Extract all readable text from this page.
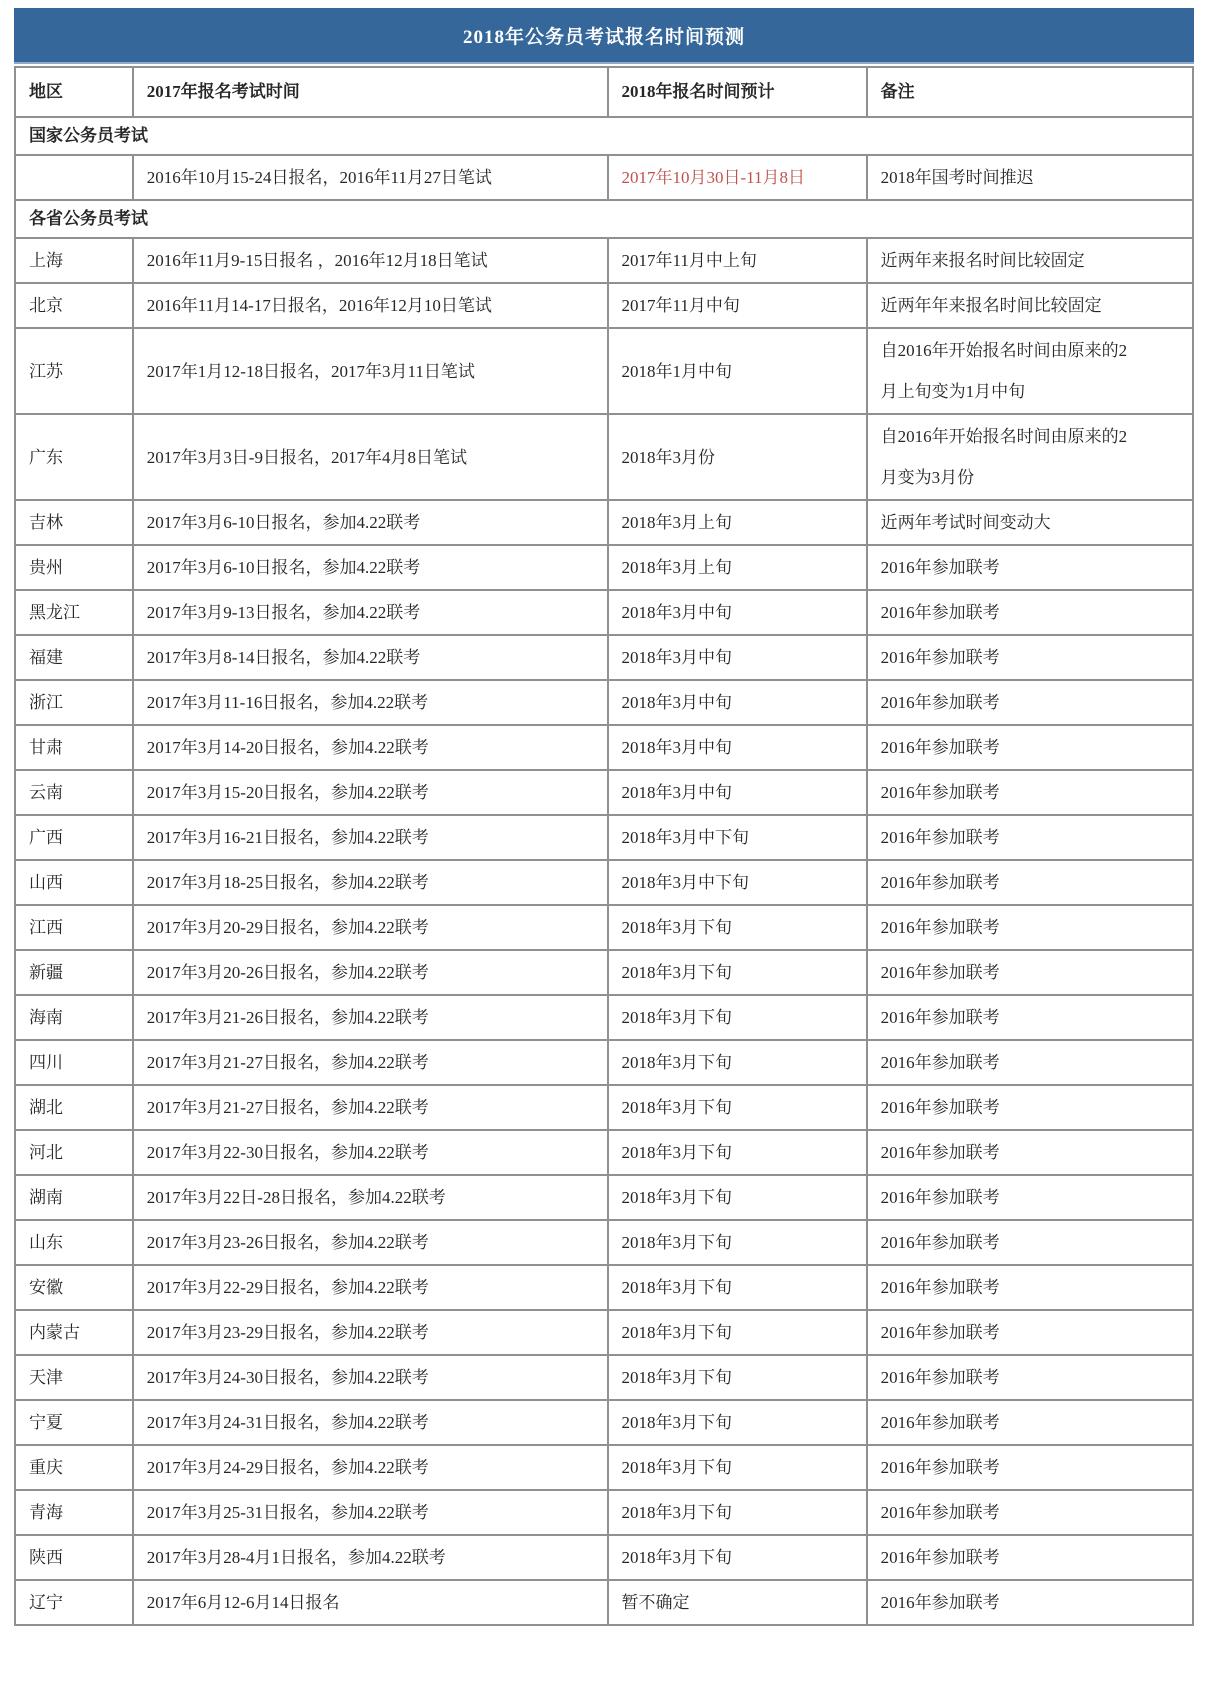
2018年公务员考试报名时间预测
地区	2017年报名考试时间	2018年报名时间预计	备注
国家公务员考试			
	2016年10月15-24日报名，2016年11月27日笔试	2017年10月30日-11月8日	2018年国考时间推迟
各省公务员考试			
上海	2016年11月9-15日报名 ，2016年12月18日笔试	2017年11月中上旬	近两年来报名时间比较固定
北京	2016年11月14-17日报名，2016年12月10日笔试	2017年11月中旬	近两年年来报名时间比较固定
江苏	2017年1月12-18日报名，2017年3月11日笔试	2018年1月中旬	自2016年开始报名时间由原来的2月上旬变为1月中旬
广东	2017年3月3日-9日报名，2017年4月8日笔试	2018年3月份	自2016年开始报名时间由原来的2月变为3月份
吉林	2017年3月6-10日报名，参加4.22联考	2018年3月上旬	近两年考试时间变动大
贵州	2017年3月6-10日报名，参加4.22联考	2018年3月上旬	2016年参加联考
黑龙江	2017年3月9-13日报名，参加4.22联考	2018年3月中旬	2016年参加联考
福建	2017年3月8-14日报名，参加4.22联考	2018年3月中旬	2016年参加联考
浙江	2017年3月11-16日报名，参加4.22联考	2018年3月中旬	2016年参加联考
甘肃	2017年3月14-20日报名，参加4.22联考	2018年3月中旬	2016年参加联考
云南	2017年3月15-20日报名，参加4.22联考	2018年3月中旬	2016年参加联考
广西	2017年3月16-21日报名，参加4.22联考	2018年3月中下旬	2016年参加联考
山西	2017年3月18-25日报名，参加4.22联考	2018年3月中下旬	2016年参加联考
江西	2017年3月20-29日报名，参加4.22联考	2018年3月下旬	2016年参加联考
新疆	2017年3月20-26日报名，参加4.22联考	2018年3月下旬	2016年参加联考
海南	2017年3月21-26日报名，参加4.22联考	2018年3月下旬	2016年参加联考
四川	2017年3月21-27日报名，参加4.22联考	2018年3月下旬	2016年参加联考
湖北	2017年3月21-27日报名，参加4.22联考	2018年3月下旬	2016年参加联考
河北	2017年3月22-30日报名，参加4.22联考	2018年3月下旬	2016年参加联考
湖南	2017年3月22日-28日报名，参加4.22联考	2018年3月下旬	2016年参加联考
山东	2017年3月23-26日报名，参加4.22联考	2018年3月下旬	2016年参加联考
安徽	2017年3月22-29日报名，参加4.22联考	2018年3月下旬	2016年参加联考
内蒙古	2017年3月23-29日报名，参加4.22联考	2018年3月下旬	2016年参加联考
天津	2017年3月24-30日报名，参加4.22联考	2018年3月下旬	2016年参加联考
宁夏	2017年3月24-31日报名，参加4.22联考	2018年3月下旬	2016年参加联考
重庆	2017年3月24-29日报名，参加4.22联考	2018年3月下旬	2016年参加联考
青海	2017年3月25-31日报名，参加4.22联考	2018年3月下旬	2016年参加联考
陕西	2017年3月28-4月1日报名，参加4.22联考	2018年3月下旬	2016年参加联考
辽宁	2017年6月12-6月14日报名	暂不确定	2016年参加联考
